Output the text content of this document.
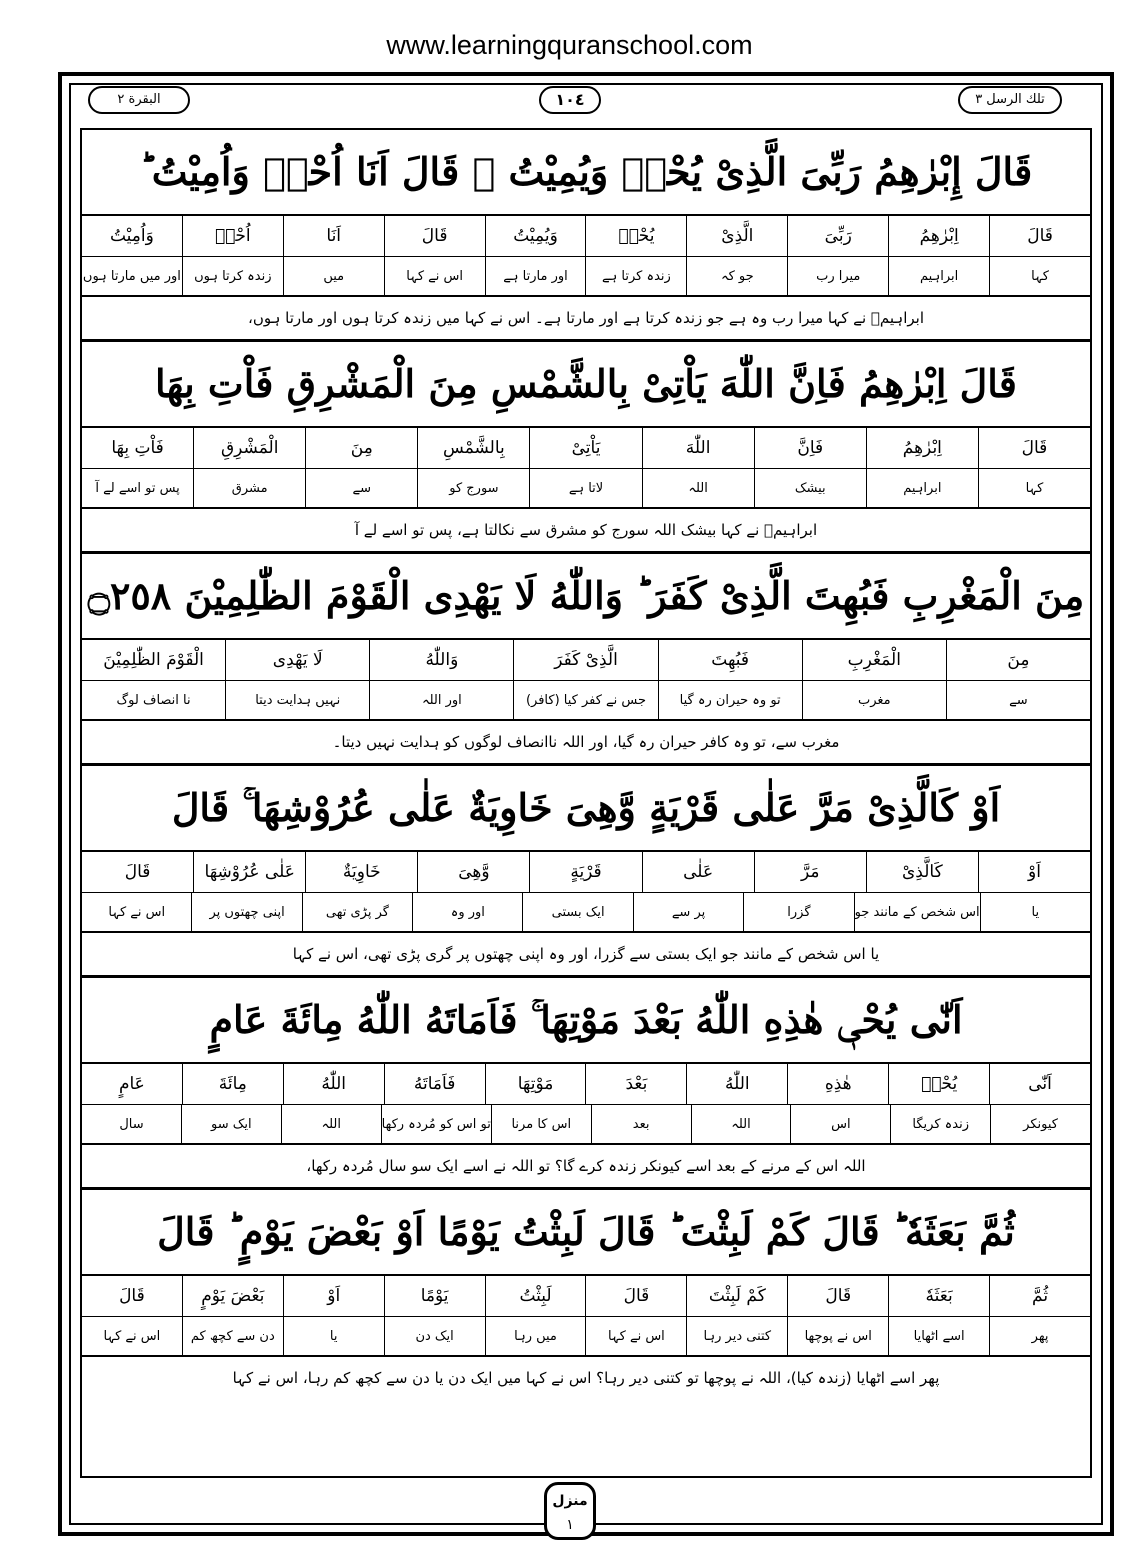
www.learningquranschool.com
تلك الرسل ٣
١٠٤
البقرة ٢
قَالَ إِبْرٰهِمُ رَبِّیَ الَّذِیْ یُحْیٖ وَیُمِیْتُ ۙ قَالَ اَنَا اُحْیٖ وَاُمِیْتُ ؕ
قَالَ
اِبْرٰهِمُ
رَبِّیَ
الَّذِیْ
یُحْیٖ
وَیُمِیْتُ
قَالَ
اَنَا
اُحْیٖ
وَاُمِیْتُ
کہا
ابراہیم
میرا رب
جو کہ
زندہ کرتا ہے
اور مارتا ہے
اس نے کہا
میں
زندہ کرتا ہوں
اور میں مارتا ہوں
ابراہیمؑ نے کہا میرا رب وہ ہے جو زندہ کرتا ہے اور مارتا ہے۔ اس نے کہا میں زندہ کرتا ہوں اور مارتا ہوں،
قَالَ اِبْرٰهِمُ فَاِنَّ اللّٰهَ یَاْتِیْ بِالشَّمْسِ مِنَ الْمَشْرِقِ فَاْتِ بِهَا
قَالَ
اِبْرٰهِمُ
فَاِنَّ
اللّٰهَ
یَاْتِیْ
بِالشَّمْسِ
مِنَ
الْمَشْرِقِ
فَاْتِ بِهَا
کہا
ابراہیم
بیشک
اللہ
لاتا ہے
سورج کو
سے
مشرق
پس تو اسے لے آ
ابراہیمؑ نے کہا بیشک اللہ سورج کو مشرق سے نکالتا ہے، پس تو اسے لے آ
مِنَ الْمَغْرِبِ فَبُهِتَ الَّذِیْ كَفَرَ ؕ وَاللّٰهُ لَا یَهْدِی الْقَوْمَ الظّٰلِمِیْنَ ۝٢٥٨
مِنَ
الْمَغْرِبِ
فَبُهِتَ
الَّذِیْ كَفَرَ
وَاللّٰهُ
لَا یَهْدِی
الْقَوْمَ الظّٰلِمِیْنَ
سے
مغرب
تو وہ حیران رہ گیا
جس نے کفر کیا (کافر)
اور اللہ
نہیں ہدایت دیتا
نا انصاف لوگ
مغرب سے، تو وہ کافر حیران رہ گیا، اور اللہ ناانصاف لوگوں کو ہدایت نہیں دیتا۔
اَوْ كَالَّذِیْ مَرَّ عَلٰی قَرْیَةٍ وَّهِیَ خَاوِیَةٌ عَلٰی عُرُوْشِهَا ۚ قَالَ
اَوْ
كَالَّذِیْ
مَرَّ
عَلٰی
قَرْیَةٍ
وَّهِیَ
خَاوِیَةٌ
عَلٰی عُرُوْشِهَا
قَالَ
یا
اس شخص کے مانند جو
گزرا
پر سے
ایک بستی
اور وہ
گر پڑی تھی
اپنی چھتوں پر
اس نے کہا
یا اس شخص کے مانند جو ایک بستی سے گزرا، اور وہ اپنی چھتوں پر گری پڑی تھی، اس نے کہا
اَنّٰی یُحْیٖ هٰذِهِ اللّٰهُ بَعْدَ مَوْتِهَا ۚ فَاَمَاتَهُ اللّٰهُ مِائَةَ عَامٍ
اَنّٰی
یُحْیٖ
هٰذِهِ
اللّٰهُ
بَعْدَ
مَوْتِهَا
فَاَمَاتَهُ
اللّٰهُ
مِائَةَ
عَامٍ
کیونکر
زندہ کریگا
اس
اللہ
بعد
اس کا مرنا
تو اس کو مُردہ رکھا
اللہ
ایک سو
سال
اللہ اس کے مرنے کے بعد اسے کیونکر زندہ کرے گا؟ تو اللہ نے اسے ایک سو سال مُردہ رکھا،
ثُمَّ بَعَثَهٗ ؕ قَالَ كَمْ لَبِثْتَ ؕ قَالَ لَبِثْتُ یَوْمًا اَوْ بَعْضَ یَوْمٍ ؕ قَالَ
ثُمَّ
بَعَثَهٗ
قَالَ
كَمْ لَبِثْتَ
قَالَ
لَبِثْتُ
یَوْمًا
اَوْ
بَعْضَ یَوْمٍ
قَالَ
پھر
اسے اٹھایا
اس نے پوچھا
کتنی دیر رہا
اس نے کہا
میں رہا
ایک دن
یا
دن سے کچھ کم
اس نے کہا
پھر اسے اٹھایا (زندہ کیا)، اللہ نے پوچھا تو کتنی دیر رہا؟ اس نے کہا میں ایک دن یا دن سے کچھ کم رہا، اس نے کہا
منزل
١
